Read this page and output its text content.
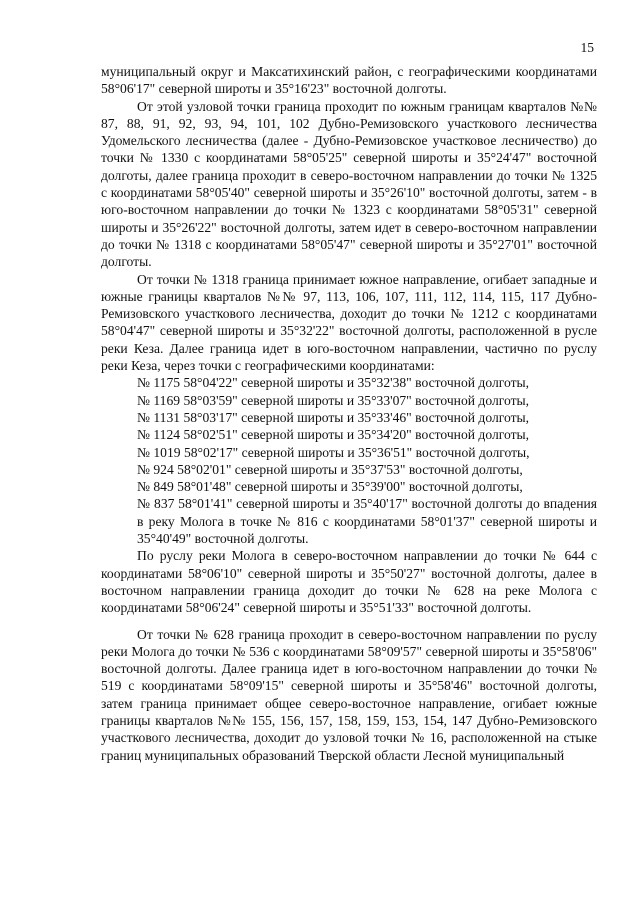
15

муниципальный округ и Максатихинский район, с географическими координатами 58°06'17" северной широты и 35°16'23" восточной долготы.

От этой узловой точки граница проходит по южным границам кварталов №№ 87, 88, 91, 92, 93, 94, 101, 102 Дубно-Ремизовского участкового лесничества Удомельского лесничества (далее - Дубно-Ремизовское участковое лесничество) до точки № 1330 с координатами 58°05'25" северной широты и 35°24'47" восточной долготы, далее граница проходит в северо-восточном направлении до точки № 1325 с координатами 58°05'40" северной широты и 35°26'10" восточной долготы, затем - в юго-восточном направлении до точки № 1323 с координатами 58°05'31" северной широты и 35°26'22" восточной долготы, затем идет в северо-восточном направлении до точки № 1318 с координатами 58°05'47" северной широты и 35°27'01" восточной долготы.

От точки № 1318 граница принимает южное направление, огибает западные и южные границы кварталов №№ 97, 113, 106, 107, 111, 112, 114, 115, 117 Дубно-Ремизовского участкового лесничества, доходит до точки № 1212 с координатами 58°04'47" северной широты и 35°32'22" восточной долготы, расположенной в русле реки Кеза. Далее граница идет в юго-восточном направлении, частично по руслу реки Кеза, через точки с географическими координатами:

№ 1175 58°04'22" северной широты и 35°32'38" восточной долготы,
№ 1169 58°03'59" северной широты и 35°33'07" восточной долготы,
№ 1131 58°03'17" северной широты и 35°33'46" восточной долготы,
№ 1124 58°02'51" северной широты и 35°34'20" восточной долготы,
№ 1019 58°02'17" северной широты и 35°36'51" восточной долготы,
№ 924 58°02'01" северной широты и 35°37'53" восточной долготы,
№ 849 58°01'48" северной широты и 35°39'00" восточной долготы,
№ 837 58°01'41" северной широты и 35°40'17" восточной долготы до впадения в реку Молога в точке № 816 с координатами 58°01'37" северной широты и 35°40'49" восточной долготы.

По руслу реки Молога в северо-восточном направлении до точки № 644 с координатами 58°06'10" северной широты и 35°50'27" восточной долготы, далее в восточном направлении граница доходит до точки № 628 на реке Молога с координатами 58°06'24" северной широты и 35°51'33" восточной долготы.

От точки № 628 граница проходит в северо-восточном направлении по руслу реки Молога до точки № 536 с координатами 58°09'57" северной широты и 35°58'06" восточной долготы. Далее граница идет в юго-восточном направлении до точки № 519 с координатами 58°09'15" северной широты и 35°58'46" восточной долготы, затем граница принимает общее северо-восточное направление, огибает южные границы кварталов №№ 155, 156, 157, 158, 159, 153, 154, 147 Дубно-Ремизовского участкового лесничества, доходит до узловой точки № 16, расположенной на стыке границ муниципальных образований Тверской области Лесной муниципальный
